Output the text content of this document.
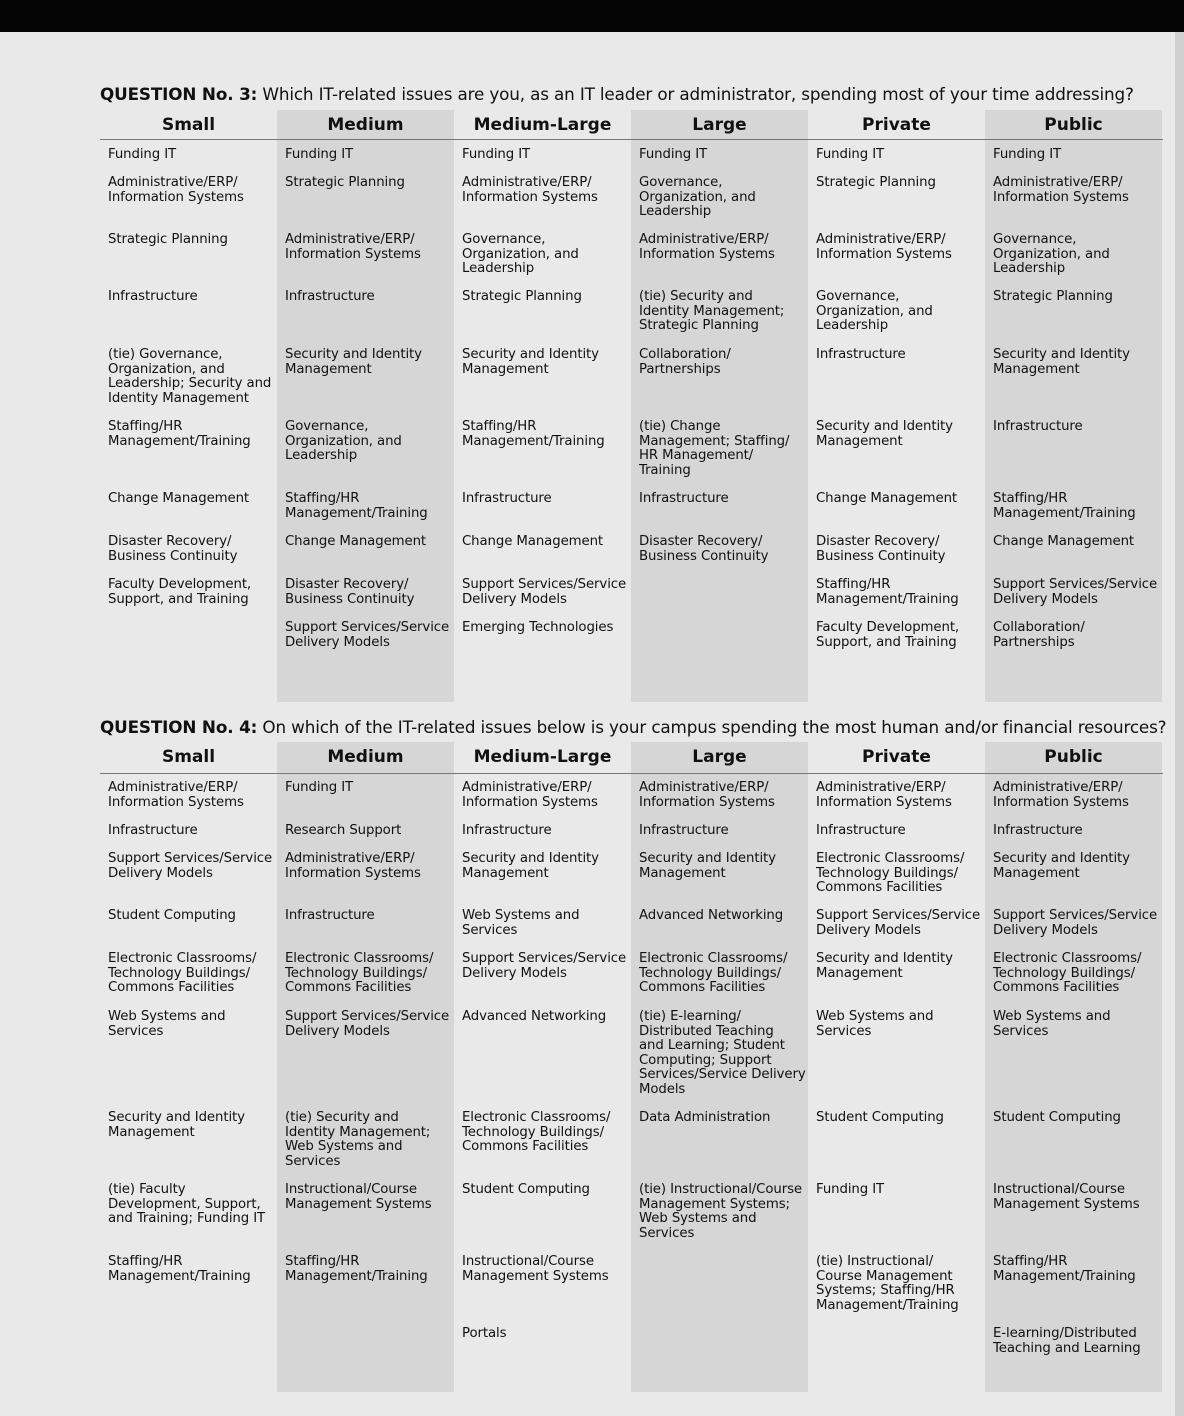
QUESTION No. 3: Which IT-related issues are you, as an IT leader or administrator, spending most of your time addressing?
Small
Funding IT
Administrative/ERP/
Information Systems
Strategic Planning
Infrastructure
(tie) Governance,
Organization, and
Leadership; Security and
Identity Management
Staffing/HR
Management/Training
Change Management
Disaster Recovery/
Business Continuity
Faculty Development,
Support, and Training
Medium
Funding IT
Strategic Planning
Administrative/ERP/
Information Systems
Infrastructure
Security and Identity
Management
Governance,
Organization, and
Leadership
Staffing/HR
Management/Training
Change Management
Disaster Recovery/
Business Continuity
Support Services/Service
Delivery Models
Medium-Large
Funding IT
Administrative/ERP/
Information Systems
Governance,
Organization, and
Leadership
Strategic Planning
Security and Identity
Management
Staffing/HR
Management/Training
Infrastructure
Change Management
Support Services/Service
Delivery Models
Emerging Technologies
Large
Funding IT
Governance,
Organization, and
Leadership
Administrative/ERP/
Information Systems
(tie) Security and
Identity Management;
Strategic Planning
Collaboration/
Partnerships
(tie) Change
Management; Staffing/
HR Management/
Training
Infrastructure
Disaster Recovery/
Business Continuity
Private
Funding IT
Strategic Planning
Administrative/ERP/
Information Systems
Governance,
Organization, and
Leadership
Infrastructure
Security and Identity
Management
Change Management
Disaster Recovery/
Business Continuity
Staffing/HR
Management/Training
Faculty Development,
Support, and Training
Public
Funding IT
Administrative/ERP/
Information Systems
Governance,
Organization, and
Leadership
Strategic Planning
Security and Identity
Management
Infrastructure
Staffing/HR
Management/Training
Change Management
Support Services/Service
Delivery Models
Collaboration/
Partnerships
QUESTION No. 4: On which of the IT-related issues below is your campus spending the most human and/or financial resources?
Small
Administrative/ERP/
Information Systems
Infrastructure
Support Services/Service
Delivery Models
Student Computing
Electronic Classrooms/
Technology Buildings/
Commons Facilities
Web Systems and
Services
Security and Identity
Management
(tie) Faculty
Development, Support,
and Training; Funding IT
Staffing/HR
Management/Training
Medium
Funding IT
Research Support
Administrative/ERP/
Information Systems
Infrastructure
Electronic Classrooms/
Technology Buildings/
Commons Facilities
Support Services/Service
Delivery Models
(tie) Security and
Identity Management;
Web Systems and
Services
Instructional/Course
Management Systems
Staffing/HR
Management/Training
Medium-Large
Administrative/ERP/
Information Systems
Infrastructure
Security and Identity
Management
Web Systems and
Services
Support Services/Service
Delivery Models
Advanced Networking
Electronic Classrooms/
Technology Buildings/
Commons Facilities
Student Computing
Instructional/Course
Management Systems
Portals
Large
Administrative/ERP/
Information Systems
Infrastructure
Security and Identity
Management
Advanced Networking
Electronic Classrooms/
Technology Buildings/
Commons Facilities
(tie) E-learning/
Distributed Teaching
and Learning; Student
Computing; Support
Services/Service Delivery
Models
Data Administration
(tie) Instructional/Course
Management Systems;
Web Systems and
Services
Private
Administrative/ERP/
Information Systems
Infrastructure
Electronic Classrooms/
Technology Buildings/
Commons Facilities
Support Services/Service
Delivery Models
Security and Identity
Management
Web Systems and
Services
Student Computing
Funding IT
(tie) Instructional/
Course Management
Systems; Staffing/HR
Management/Training
Public
Administrative/ERP/
Information Systems
Infrastructure
Security and Identity
Management
Support Services/Service
Delivery Models
Electronic Classrooms/
Technology Buildings/
Commons Facilities
Web Systems and
Services
Student Computing
Instructional/Course
Management Systems
Staffing/HR
Management/Training
E-learning/Distributed
Teaching and Learning
